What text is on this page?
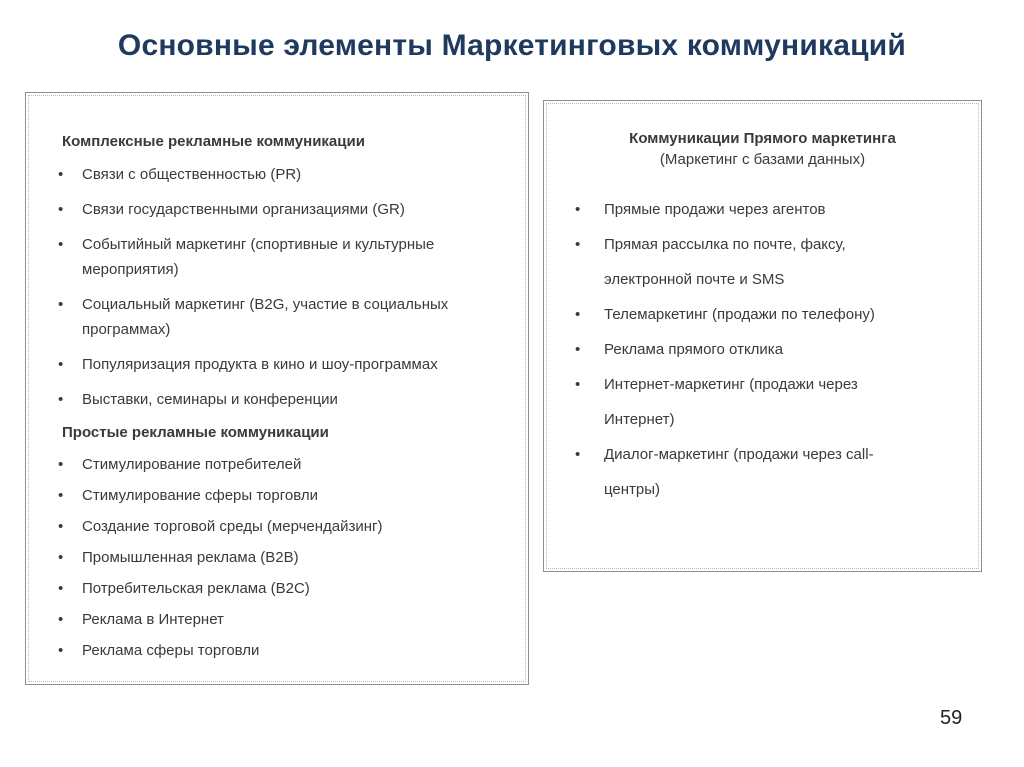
Основные элементы Маркетинговых коммуникаций
Комплексные рекламные коммуникации
• Связи с общественностью (PR)
• Связи государственными организациями (GR)
• Событийный маркетинг (спортивные и культурные мероприятия)
• Социальный маркетинг (B2G, участие в социальных программах)
• Популяризация продукта в кино и шоу-программах
• Выставки, семинары и конференции
Простые рекламные коммуникации
• Стимулирование потребителей
• Стимулирование сферы торговли
• Создание торговой среды (мерчендайзинг)
• Промышленная реклама (B2B)
• Потребительская реклама (B2C)
• Реклама в Интернет
• Реклама сферы торговли
Коммуникации Прямого маркетинга
(Маркетинг с базами данных)
• Прямые продажи через агентов
• Прямая рассылка по почте, факсу, электронной почте и SMS
• Телемаркетинг (продажи по телефону)
• Реклама прямого отклика
• Интернет-маркетинг (продажи через Интернет)
• Диалог-маркетинг (продажи через call-центры)
59
